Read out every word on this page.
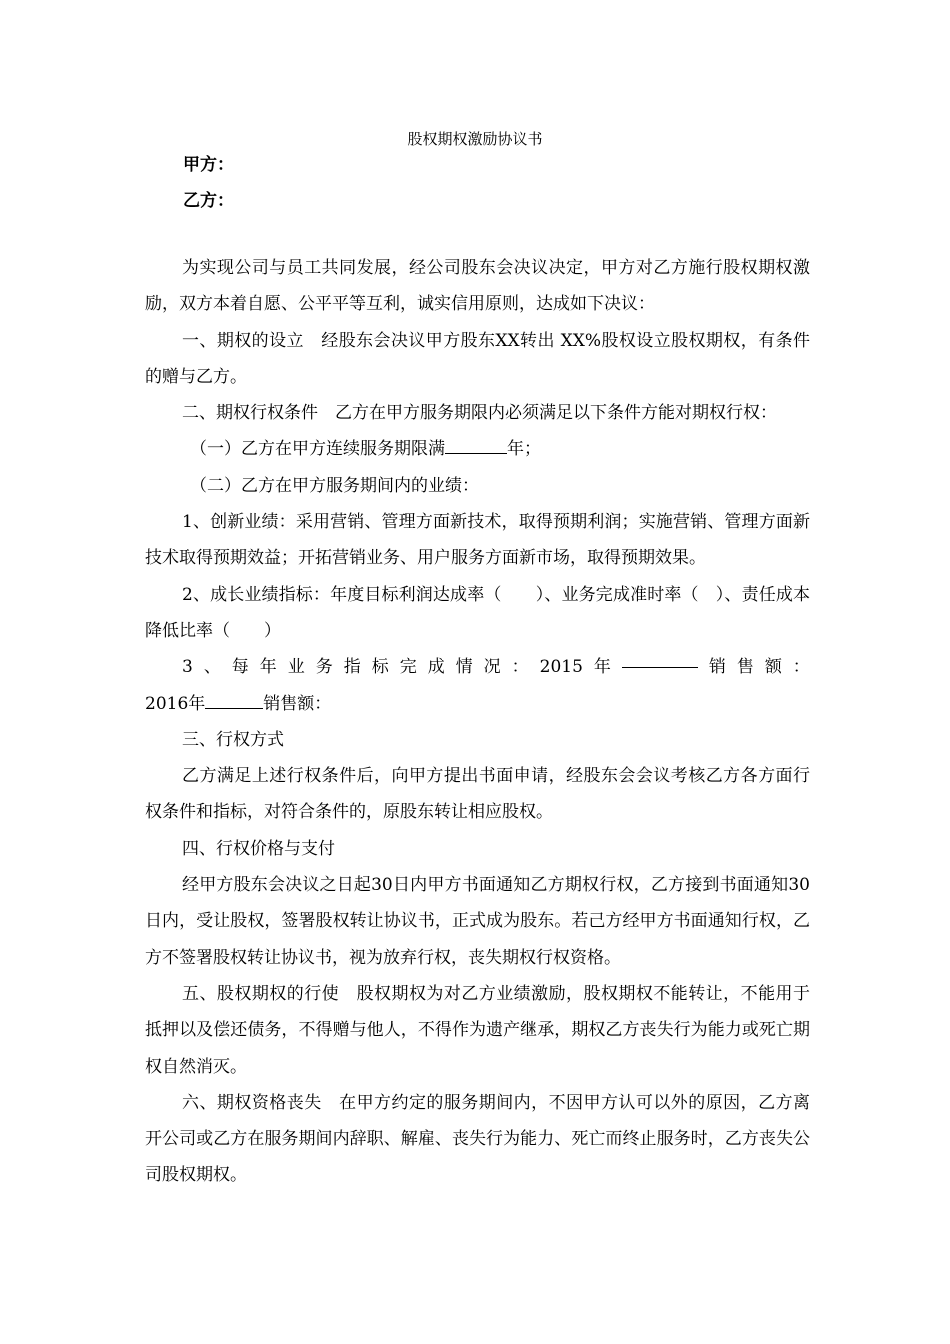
股权期权激励协议书
甲方：
乙方：

为实现公司与员工共同发展，经公司股东会决议决定，甲方对乙方施行股权期权激励，双方本着自愿、公平平等互利，诚实信用原则，达成如下决议：

一、期权的设立　经股东会决议甲方股东XX转出 XX%股权设立股权期权，有条件的赠与乙方。

二、期权行权条件　乙方在甲方服务期限内必须满足以下条件方能对期权行权：

（一）乙方在甲方连续服务期限满	年；

（二）乙方在甲方服务期间内的业绩：

1、创新业绩：采用营销、管理方面新技术，取得预期利润；实施营销、管理方面新技术取得预期效益；开拓营销业务、用户服务方面新市场，取得预期效果。

2、成长业绩指标：年度目标利润达成率（　　）、业务完成准时率（　）、责任成本降低比率（　　）

3 、 每 年 业 务 指 标 完 成 情 况 ： 2015 年	销 售 额 ：

2016年	销售额：

三、行权方式

乙方满足上述行权条件后，向甲方提出书面申请，经股东会会议考核乙方各方面行权条件和指标，对符合条件的，原股东转让相应股权。

四、行权价格与支付

经甲方股东会决议之日起30日内甲方书面通知乙方期权行权，乙方接到书面通知30日内，受让股权，签署股权转让协议书，正式成为股东。若己方经甲方书面通知行权，乙方不签署股权转让协议书，视为放弃行权，丧失期权行权资格。

五、股权期权的行使　股权期权为对乙方业绩激励，股权期权不能转让，不能用于抵押以及偿还债务，不得赠与他人，不得作为遗产继承，期权乙方丧失行为能力或死亡期权自然消灭。

六、期权资格丧失　在甲方约定的服务期间内，不因甲方认可以外的原因，乙方离开公司或乙方在服务期间内辞职、解雇、丧失行为能力、死亡而终止服务时，乙方丧失公司股权期权。
